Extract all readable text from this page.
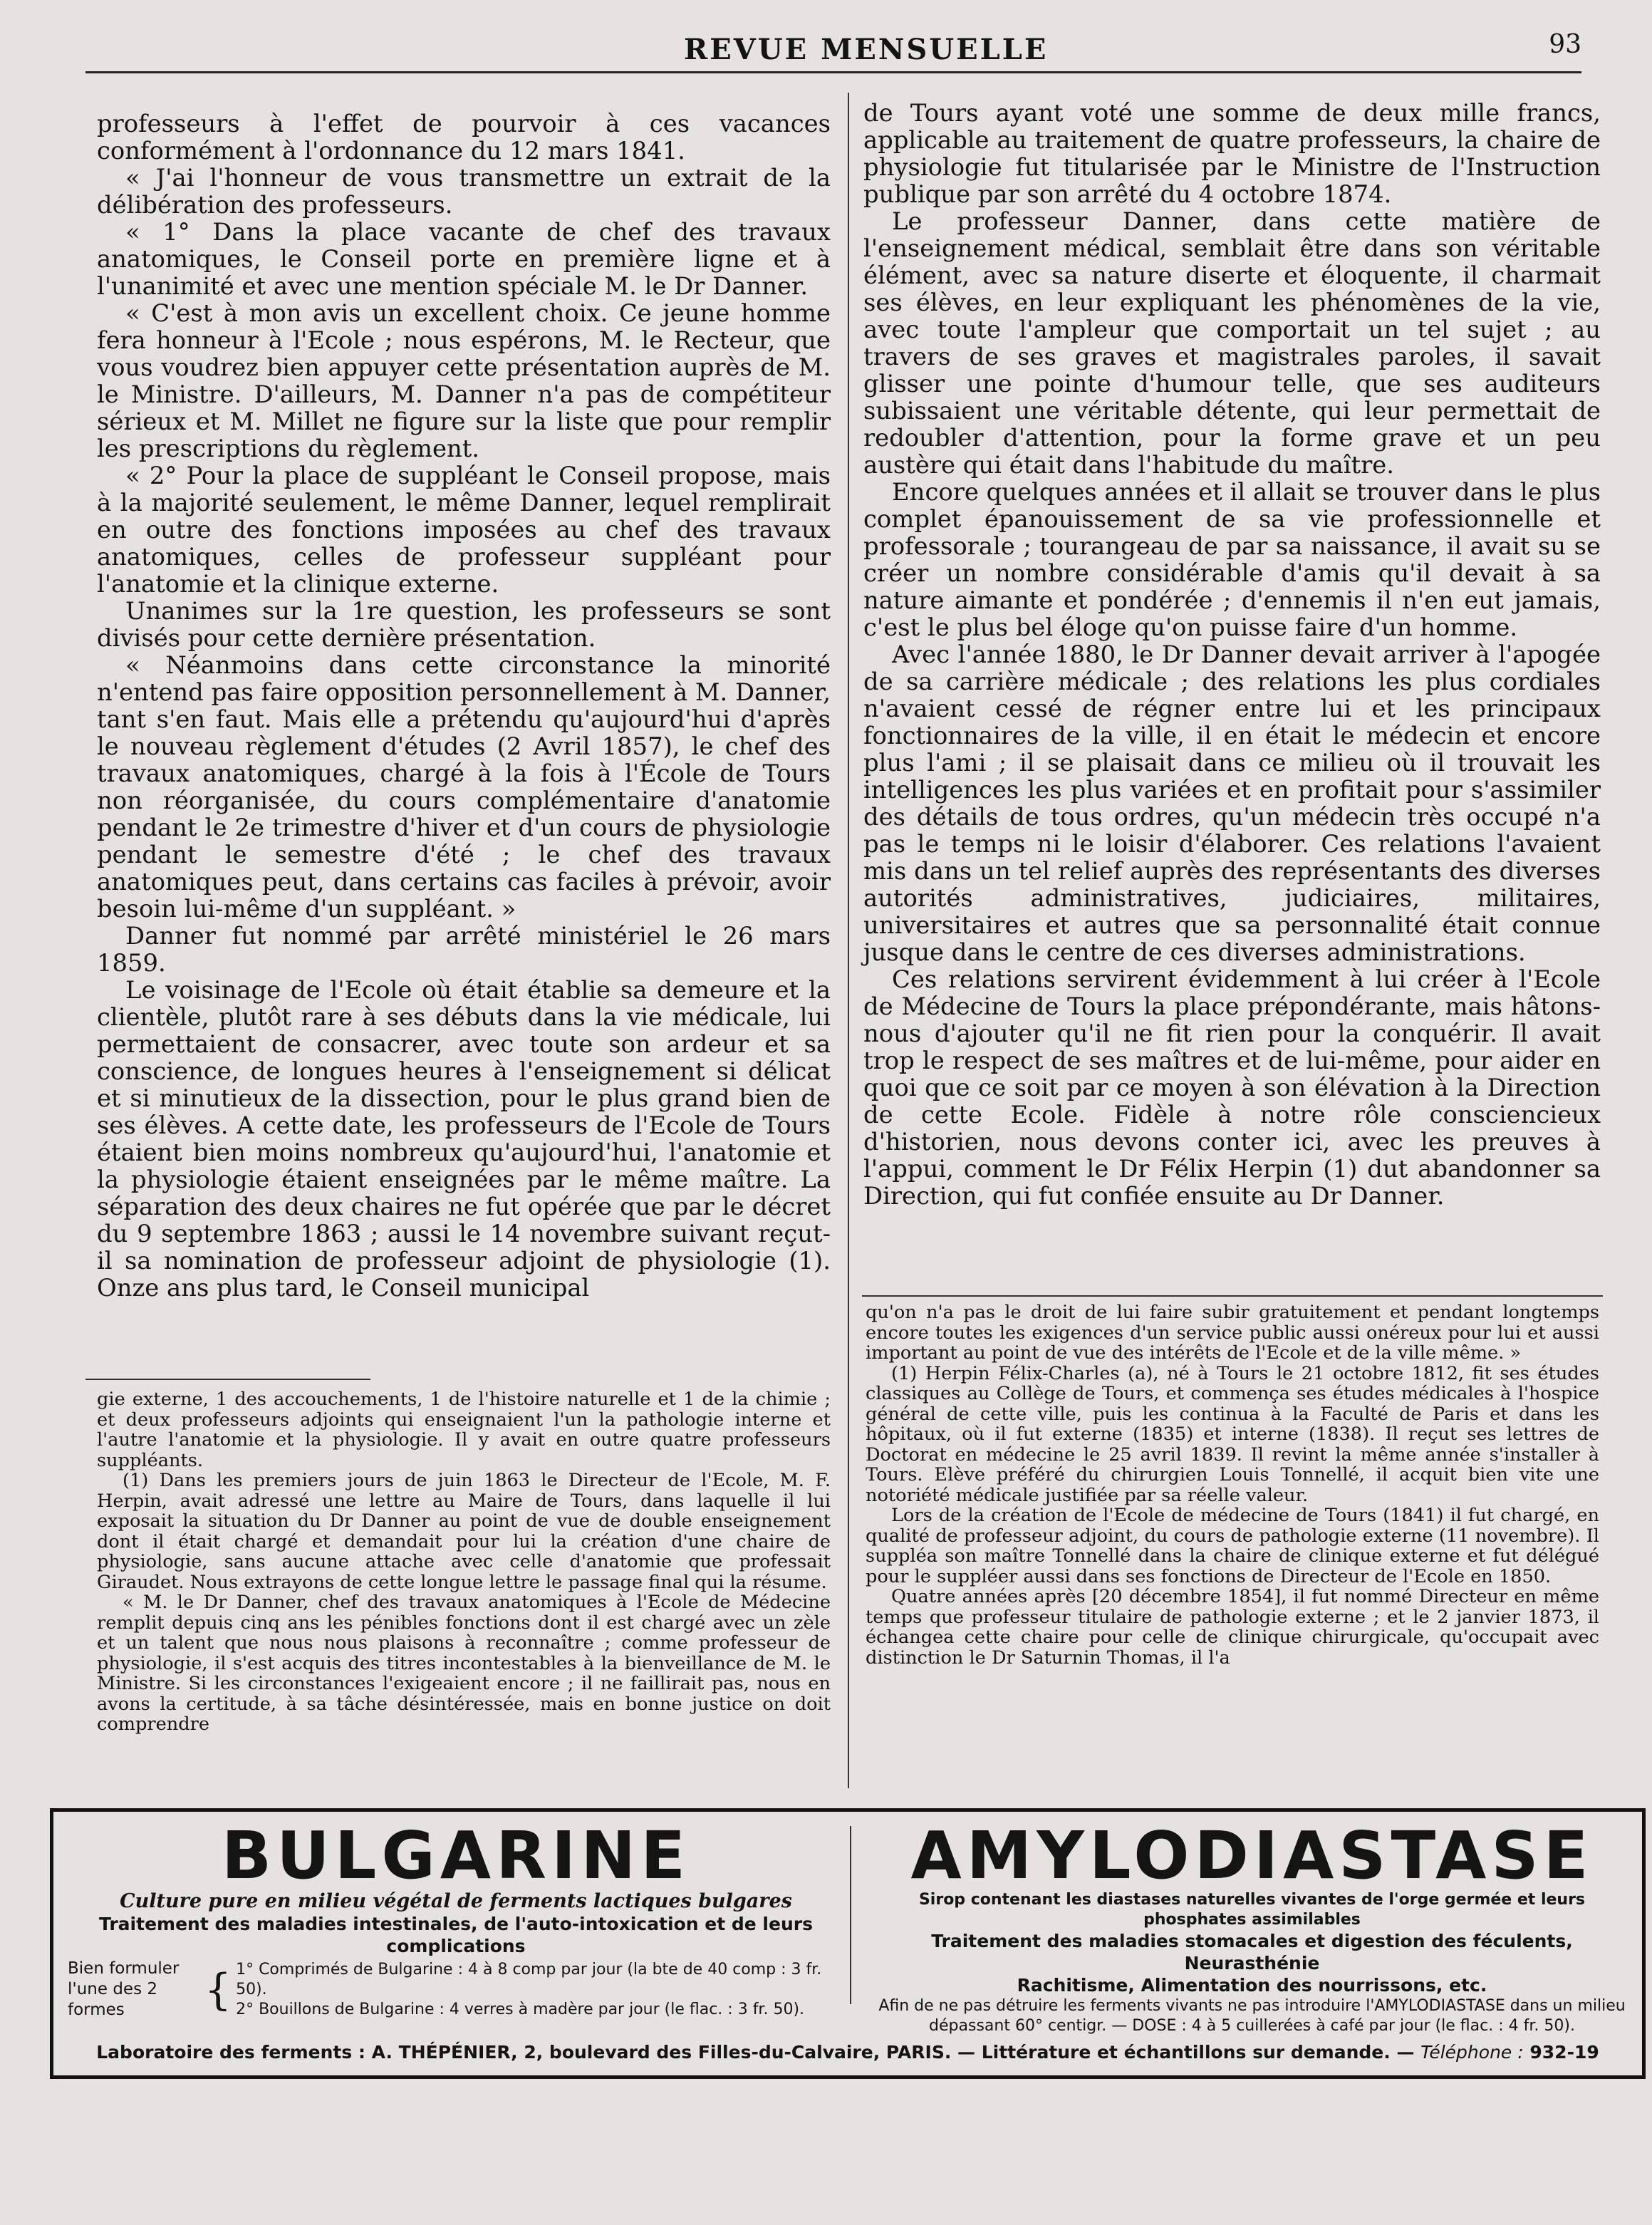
REVUE MENSUELLE	93

professeurs à l'effet de pourvoir à ces vacances conformément à l'ordonnance du 12 mars 1841.

« J'ai l'honneur de vous transmettre un extrait de la délibération des professeurs.

« 1° Dans la place vacante de chef des travaux anatomiques, le Conseil porte en première ligne et à l'unanimité et avec une mention spéciale M. le Dr Danner.

« C'est à mon avis un excellent choix. Ce jeune homme fera honneur à l'Ecole ; nous espérons, M. le Recteur, que vous voudrez bien appuyer cette présentation auprès de M. le Ministre. D'ailleurs, M. Danner n'a pas de compétiteur sérieux et M. Millet ne figure sur la liste que pour remplir les prescriptions du règlement.

« 2° Pour la place de suppléant le Conseil propose, mais à la majorité seulement, le même Danner, lequel remplirait en outre des fonctions imposées au chef des travaux anatomiques, celles de professeur suppléant pour l'anatomie et la clinique externe.

Unanimes sur la 1re question, les professeurs se sont divisés pour cette dernière présentation.

« Néanmoins dans cette circonstance la minorité n'entend pas faire opposition personnellement à M. Danner, tant s'en faut. Mais elle a prétendu qu'aujourd'hui d'après le nouveau règlement d'études (2 Avril 1857), le chef des travaux anatomiques, chargé à la fois à l'École de Tours non réorganisée, du cours complémentaire d'anatomie pendant le 2e trimestre d'hiver et d'un cours de physiologie pendant le semestre d'été ; le chef des travaux anatomiques peut, dans certains cas faciles à prévoir, avoir besoin lui-même d'un suppléant. »

Danner fut nommé par arrêté ministériel le 26 mars 1859.

Le voisinage de l'Ecole où était établie sa demeure et la clientèle, plutôt rare à ses débuts dans la vie médicale, lui permettaient de consacrer, avec toute son ardeur et sa conscience, de longues heures à l'enseignement si délicat et si minutieux de la dissection, pour le plus grand bien de ses élèves. A cette date, les professeurs de l'Ecole de Tours étaient bien moins nombreux qu'aujourd'hui, l'anatomie et la physiologie étaient enseignées par le même maître. La séparation des deux chaires ne fut opérée que par le décret du 9 septembre 1863 ; aussi le 14 novembre suivant reçut-il sa nomination de professeur adjoint de physiologie (1). Onze ans plus tard, le Conseil municipal

gie externe, 1 des accouchements, 1 de l'histoire naturelle et 1 de la chimie ; et deux professeurs adjoints qui enseignaient l'un la pathologie interne et l'autre l'anatomie et la physiologie. Il y avait en outre quatre professeurs suppléants.

(1) Dans les premiers jours de juin 1863 le Directeur de l'Ecole, M. F. Herpin, avait adressé une lettre au Maire de Tours, dans laquelle il lui exposait la situation du Dr Danner au point de vue de double enseignement dont il était chargé et demandait pour lui la création d'une chaire de physiologie, sans aucune attache avec celle d'anatomie que professait Giraudet. Nous extrayons de cette longue lettre le passage final qui la résume.

« M. le Dr Danner, chef des travaux anatomiques à l'Ecole de Médecine remplit depuis cinq ans les pénibles fonctions dont il est chargé avec un zèle et un talent que nous nous plaisons à reconnaître ; comme professeur de physiologie, il s'est acquis des titres incontestables à la bienveillance de M. le Ministre. Si les circonstances l'exigeaient encore ; il ne faillirait pas, nous en avons la certitude, à sa tâche désintéressée, mais en bonne justice on doit comprendre

de Tours ayant voté une somme de deux mille francs, applicable au traitement de quatre professeurs, la chaire de physiologie fut titularisée par le Ministre de l'Instruction publique par son arrêté du 4 octobre 1874.

Le professeur Danner, dans cette matière de l'enseignement médical, semblait être dans son véritable élément, avec sa nature diserte et éloquente, il charmait ses élèves, en leur expliquant les phénomènes de la vie, avec toute l'ampleur que comportait un tel sujet ; au travers de ses graves et magistrales paroles, il savait glisser une pointe d'humour telle, que ses auditeurs subissaient une véritable détente, qui leur permettait de redoubler d'attention, pour la forme grave et un peu austère qui était dans l'habitude du maître.

Encore quelques années et il allait se trouver dans le plus complet épanouissement de sa vie professionnelle et professorale ; tourangeau de par sa naissance, il avait su se créer un nombre considérable d'amis qu'il devait à sa nature aimante et pondérée ; d'ennemis il n'en eut jamais, c'est le plus bel éloge qu'on puisse faire d'un homme.

Avec l'année 1880, le Dr Danner devait arriver à l'apogée de sa carrière médicale ; des relations les plus cordiales n'avaient cessé de régner entre lui et les principaux fonctionnaires de la ville, il en était le médecin et encore plus l'ami ; il se plaisait dans ce milieu où il trouvait les intelligences les plus variées et en profitait pour s'assimiler des détails de tous ordres, qu'un médecin très occupé n'a pas le temps ni le loisir d'élaborer. Ces relations l'avaient mis dans un tel relief auprès des représentants des diverses autorités administratives, judiciaires, militaires, universitaires et autres que sa personnalité était connue jusque dans le centre de ces diverses administrations.

Ces relations servirent évidemment à lui créer à l'Ecole de Médecine de Tours la place prépondérante, mais hâtons-nous d'ajouter qu'il ne fit rien pour la conquérir. Il avait trop le respect de ses maîtres et de lui-même, pour aider en quoi que ce soit par ce moyen à son élévation à la Direction de cette Ecole. Fidèle à notre rôle consciencieux d'historien, nous devons conter ici, avec les preuves à l'appui, comment le Dr Félix Herpin (1) dut abandonner sa Direction, qui fut confiée ensuite au Dr Danner.

qu'on n'a pas le droit de lui faire subir gratuitement et pendant longtemps encore toutes les exigences d'un service public aussi onéreux pour lui et aussi important au point de vue des intérêts de l'Ecole et de la ville même. »

(1) Herpin Félix-Charles (a), né à Tours le 21 octobre 1812, fit ses études classiques au Collège de Tours, et commença ses études médicales à l'hospice général de cette ville, puis les continua à la Faculté de Paris et dans les hôpitaux, où il fut externe (1835) et interne (1838). Il reçut ses lettres de Doctorat en médecine le 25 avril 1839. Il revint la même année s'installer à Tours. Elève préféré du chirurgien Louis Tonnellé, il acquit bien vite une notoriété médicale justifiée par sa réelle valeur.

Lors de la création de l'Ecole de médecine de Tours (1841) il fut chargé, en qualité de professeur adjoint, du cours de pathologie externe (11 novembre). Il suppléa son maître Tonnellé dans la chaire de clinique externe et fut délégué pour le suppléer aussi dans ses fonctions de Directeur de l'Ecole en 1850.

Quatre années après [20 décembre 1854], il fut nommé Directeur en même temps que professeur titulaire de pathologie externe ; et le 2 janvier 1873, il échangea cette chaire pour celle de clinique chirurgicale, qu'occupait avec distinction le Dr Saturnin Thomas, il l'a

BULGARINE
Culture pure en milieu végétal de ferments lactiques bulgares
Traitement des maladies intestinales, de l'auto-intoxication et de leurs complications
Bien formuler
l'une des 2 formes	{ 1° Comprimés de Bulgarine : 4 à 8 comp par jour (la bte de 40 comp : 3 fr. 50).
2° Bouillons de Bulgarine : 4 verres à madère par jour (le flac. : 3 fr. 50).
AMYLODIASTASE
Sirop contenant les diastases naturelles vivantes de l'orge germée et leurs phosphates assimilables
Traitement des maladies stomacales et digestion des féculents, Neurasthénie
Rachitisme, Alimentation des nourrissons, etc.
Afin de ne pas détruire les ferments vivants ne pas introduire l'AMYLODIASTASE dans un milieu
dépassant 60° centigr. — DOSE : 4 à 5 cuillerées à café par jour (le flac. : 4 fr. 50).
Laboratoire des ferments : A. THÉPÉNIER, 2, boulevard des Filles-du-Calvaire, PARIS. — Littérature et échantillons sur demande. — Téléphone : 932-19
